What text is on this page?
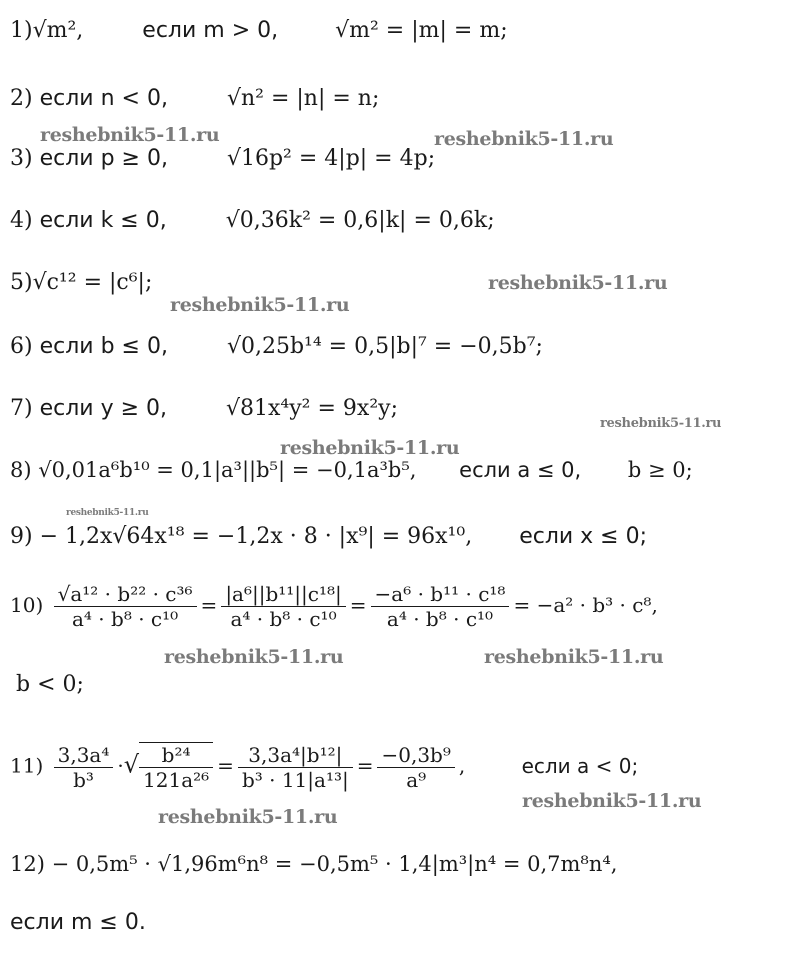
1)√m², если m > 0,	√m² = |m| = m;
2) если n < 0,	√n² = |n| = n;
3) если p ≥ 0,	√16p² = 4|p| = 4p;
4) если k ≤ 0,	√0,36k² = 0,6|k| = 0,6k;
5)√c¹² = |c⁶|;
6) если b ≤ 0,	√0,25b¹⁴ = 0,5|b|⁷ = −0,5b⁷;
7) если y ≥ 0,	√81x⁴y² = 9x²y;
8) √0,01a⁶b¹⁰ = 0,1|a³||b⁵| = −0,1a³b⁵, если a ≤ 0, b ≥ 0;
9) − 1,2x√64x¹⁸ = −1,2x · 8 · |x⁹| = 96x¹⁰, если x ≤ 0;
$10) \frac{\text{√a¹² · b²² · c³⁶}}{\text{a⁴ · b⁸ · c¹⁰}} = \frac{\text{|a⁶||b¹¹||c¹⁸|}}{\text{a⁴ · b⁸ · c¹⁰}} = \frac{\text{−a⁶ · b¹¹ · c¹⁸}}{\text{a⁴ · b⁸ · c¹⁰}} = -a^2 \cdot b^3 \cdot c^8$,
b < 0;
$11) \frac{\text{3,3a⁴}}{\text{b³}}$ ·√ $\frac{\text{b²⁴}}{\text{121a²⁶}} = \frac{\text{3,3a⁴|b¹²|}}{\text{b³ · 11|a¹³|}} = \frac{\text{−0,3b⁹}}{\text{a⁹}}$ ,	если a < 0;
12) − 0,5m⁵ · √1,96m⁶n⁸ = −0,5m⁵ · 1,4|m³|n⁴ = 0,7m⁸n⁴,
если m ≤ 0.
reshebnik5-11.ru	reshebnik5-11.ru
reshebnik5-11.ru
reshebnik5-11.ru
reshebnik5-11.ru
reshebnik5-11.ru
reshebnik5-11.ru
reshebnik5-11.ru	reshebnik5-11.ru
reshebnik5-11.ru
reshebnik5-11.ru
